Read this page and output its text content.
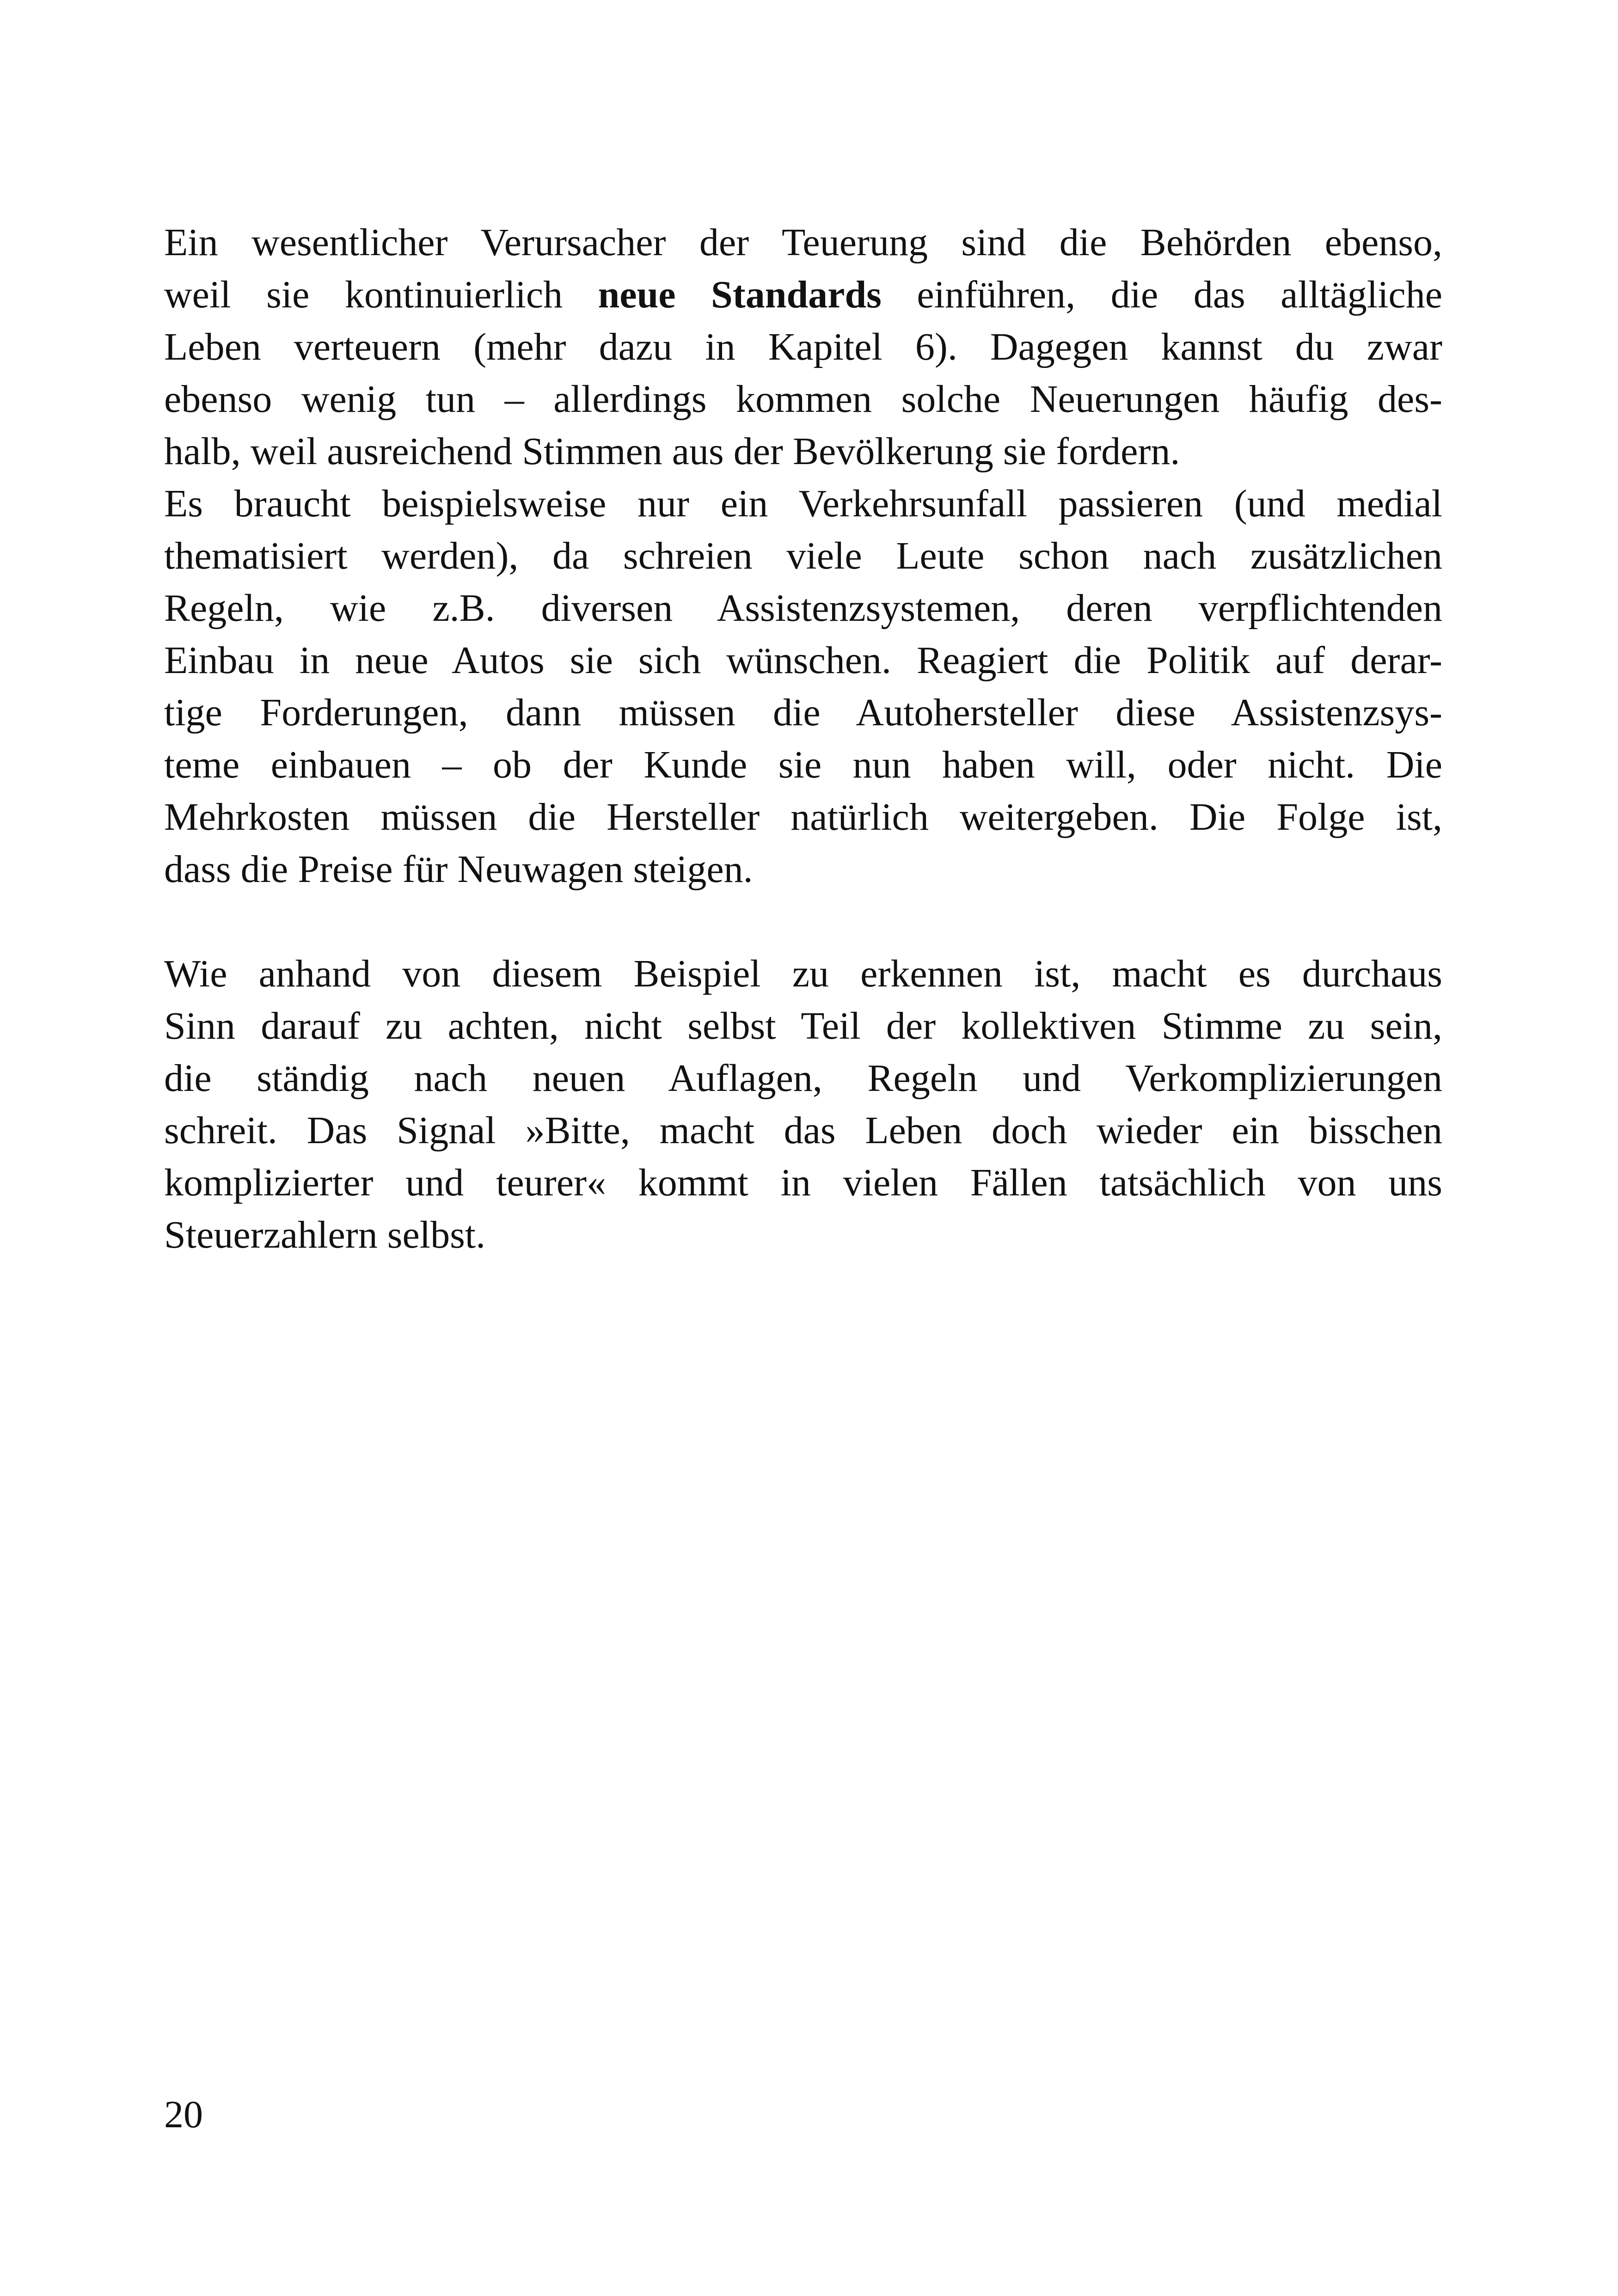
Ein wesentlicher Verursacher der Teuerung sind die Behörden ebenso,
weil sie kontinuierlich neue Standards einführen, die das alltägliche
Leben verteuern (mehr dazu in Kapitel 6). Dagegen kannst du zwar
ebenso wenig tun – allerdings kommen solche Neuerungen häufig des-
halb, weil ausreichend Stimmen aus der Bevölkerung sie fordern.
Es braucht beispielsweise nur ein Verkehrsunfall passieren (und medial
thematisiert werden), da schreien viele Leute schon nach zusätzlichen
Regeln, wie z.B. diversen Assistenzsystemen, deren verpflichtenden
Einbau in neue Autos sie sich wünschen. Reagiert die Politik auf derar-
tige Forderungen, dann müssen die Autohersteller diese Assistenzsys-
teme einbauen – ob der Kunde sie nun haben will, oder nicht. Die
Mehrkosten müssen die Hersteller natürlich weitergeben. Die Folge ist,
dass die Preise für Neuwagen steigen.
Wie anhand von diesem Beispiel zu erkennen ist, macht es durchaus
Sinn darauf zu achten, nicht selbst Teil der kollektiven Stimme zu sein,
die ständig nach neuen Auflagen, Regeln und Verkomplizierungen
schreit. Das Signal »Bitte, macht das Leben doch wieder ein bisschen
komplizierter und teurer« kommt in vielen Fällen tatsächlich von uns
Steuerzahlern selbst.
20
